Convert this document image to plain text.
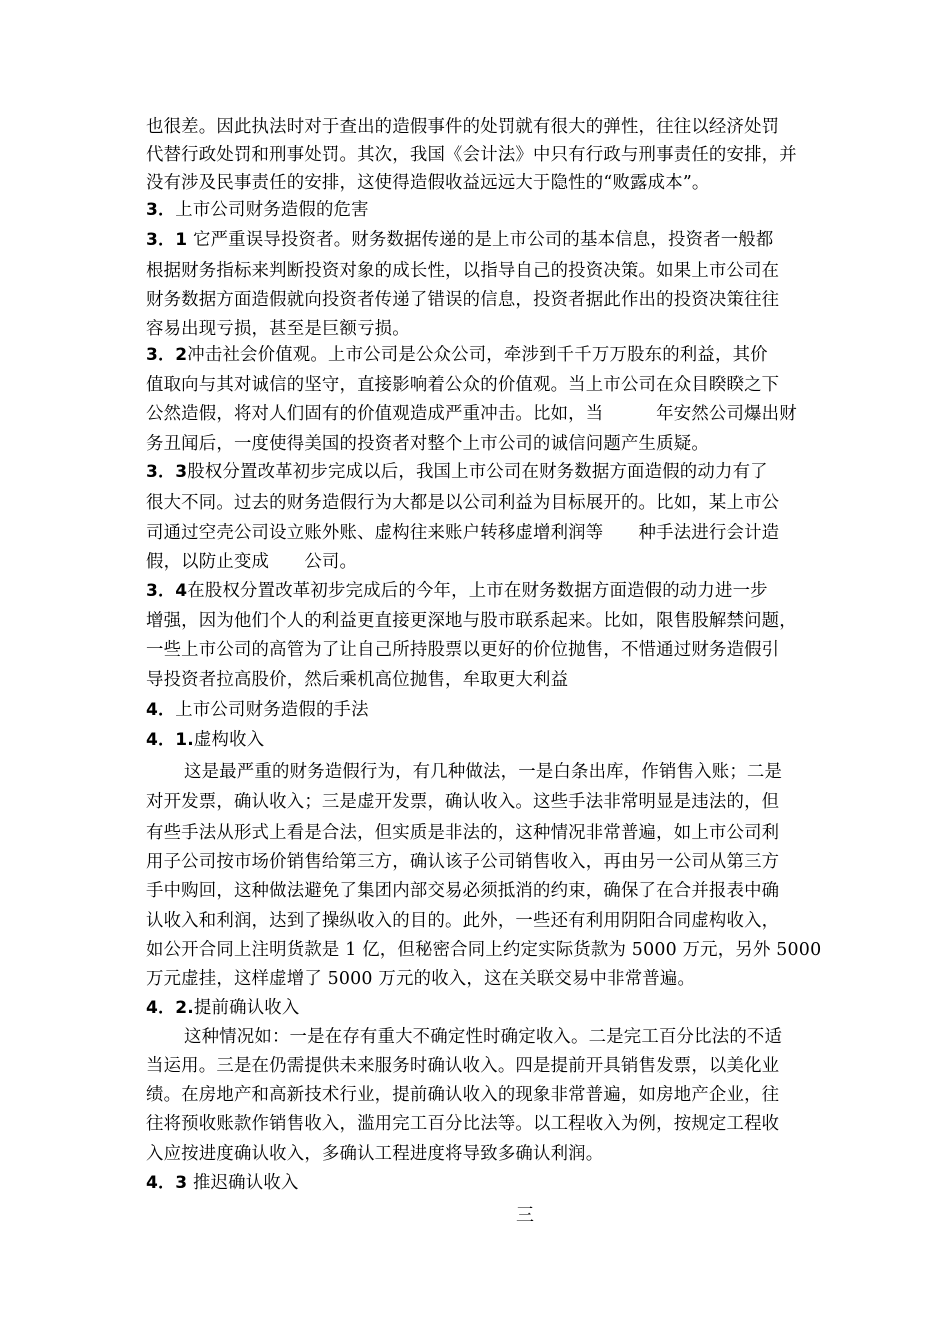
也很差。因此执法时对于查出的造假事件的处罚就有很大的弹性，往往以经济处罚
代替行政处罚和刑事处罚。其次，我国《会计法》中只有行政与刑事责任的安排，并
没有涉及民事责任的安排，这使得造假收益远远大于隐性的“败露成本”。
3．上市公司财务造假的危害
3．1 它严重误导投资者。财务数据传递的是上市公司的基本信息，投资者一般都
根据财务指标来判断投资对象的成长性，以指导自己的投资决策。如果上市公司在
财务数据方面造假就向投资者传递了错误的信息，投资者据此作出的投资决策往往
容易出现亏损，甚至是巨额亏损。
3．2冲击社会价值观。上市公司是公众公司，牵涉到千千万万股东的利益，其价
值取向与其对诚信的坚守，直接影响着公众的价值观。当上市公司在众目睽睽之下
公然造假，将对人们固有的价值观造成严重冲击。比如，当　　　年安然公司爆出财
务丑闻后，一度使得美国的投资者对整个上市公司的诚信问题产生质疑。
3．3股权分置改革初步完成以后，我国上市公司在财务数据方面造假的动力有了
很大不同。过去的财务造假行为大都是以公司利益为目标展开的。比如，某上市公
司通过空壳公司设立账外账、虚构往来账户转移虚增利润等　　种手法进行会计造
假，以防止变成　　公司。
3．4在股权分置改革初步完成后的今年，上市在财务数据方面造假的动力进一步
增强，因为他们个人的利益更直接更深地与股市联系起来。比如，限售股解禁问题，
一些上市公司的高管为了让自己所持股票以更好的价位抛售，不惜通过财务造假引
导投资者拉高股价，然后乘机高位抛售，牟取更大利益
4．上市公司财务造假的手法
4．1.虚构收入
这是最严重的财务造假行为，有几种做法，一是白条出库，作销售入账；二是
对开发票，确认收入；三是虚开发票，确认收入。这些手法非常明显是违法的，但
有些手法从形式上看是合法，但实质是非法的，这种情况非常普遍，如上市公司利
用子公司按市场价销售给第三方，确认该子公司销售收入，再由另一公司从第三方
手中购回，这种做法避免了集团内部交易必须抵消的约束，确保了在合并报表中确
认收入和利润，达到了操纵收入的目的。此外，一些还有利用阴阳合同虚构收入，
如公开合同上注明货款是 1 亿，但秘密合同上约定实际货款为 5000 万元，另外 5000
万元虚挂，这样虚增了 5000 万元的收入，这在关联交易中非常普遍。
4．2.提前确认收入
这种情况如：一是在存有重大不确定性时确定收入。二是完工百分比法的不适
当运用。三是在仍需提供未来服务时确认收入。四是提前开具销售发票，以美化业
绩。在房地产和高新技术行业，提前确认收入的现象非常普遍，如房地产企业，往
往将预收账款作销售收入，滥用完工百分比法等。以工程收入为例，按规定工程收
入应按进度确认收入，多确认工程进度将导致多确认利润。
4．3 推迟确认收入
三
